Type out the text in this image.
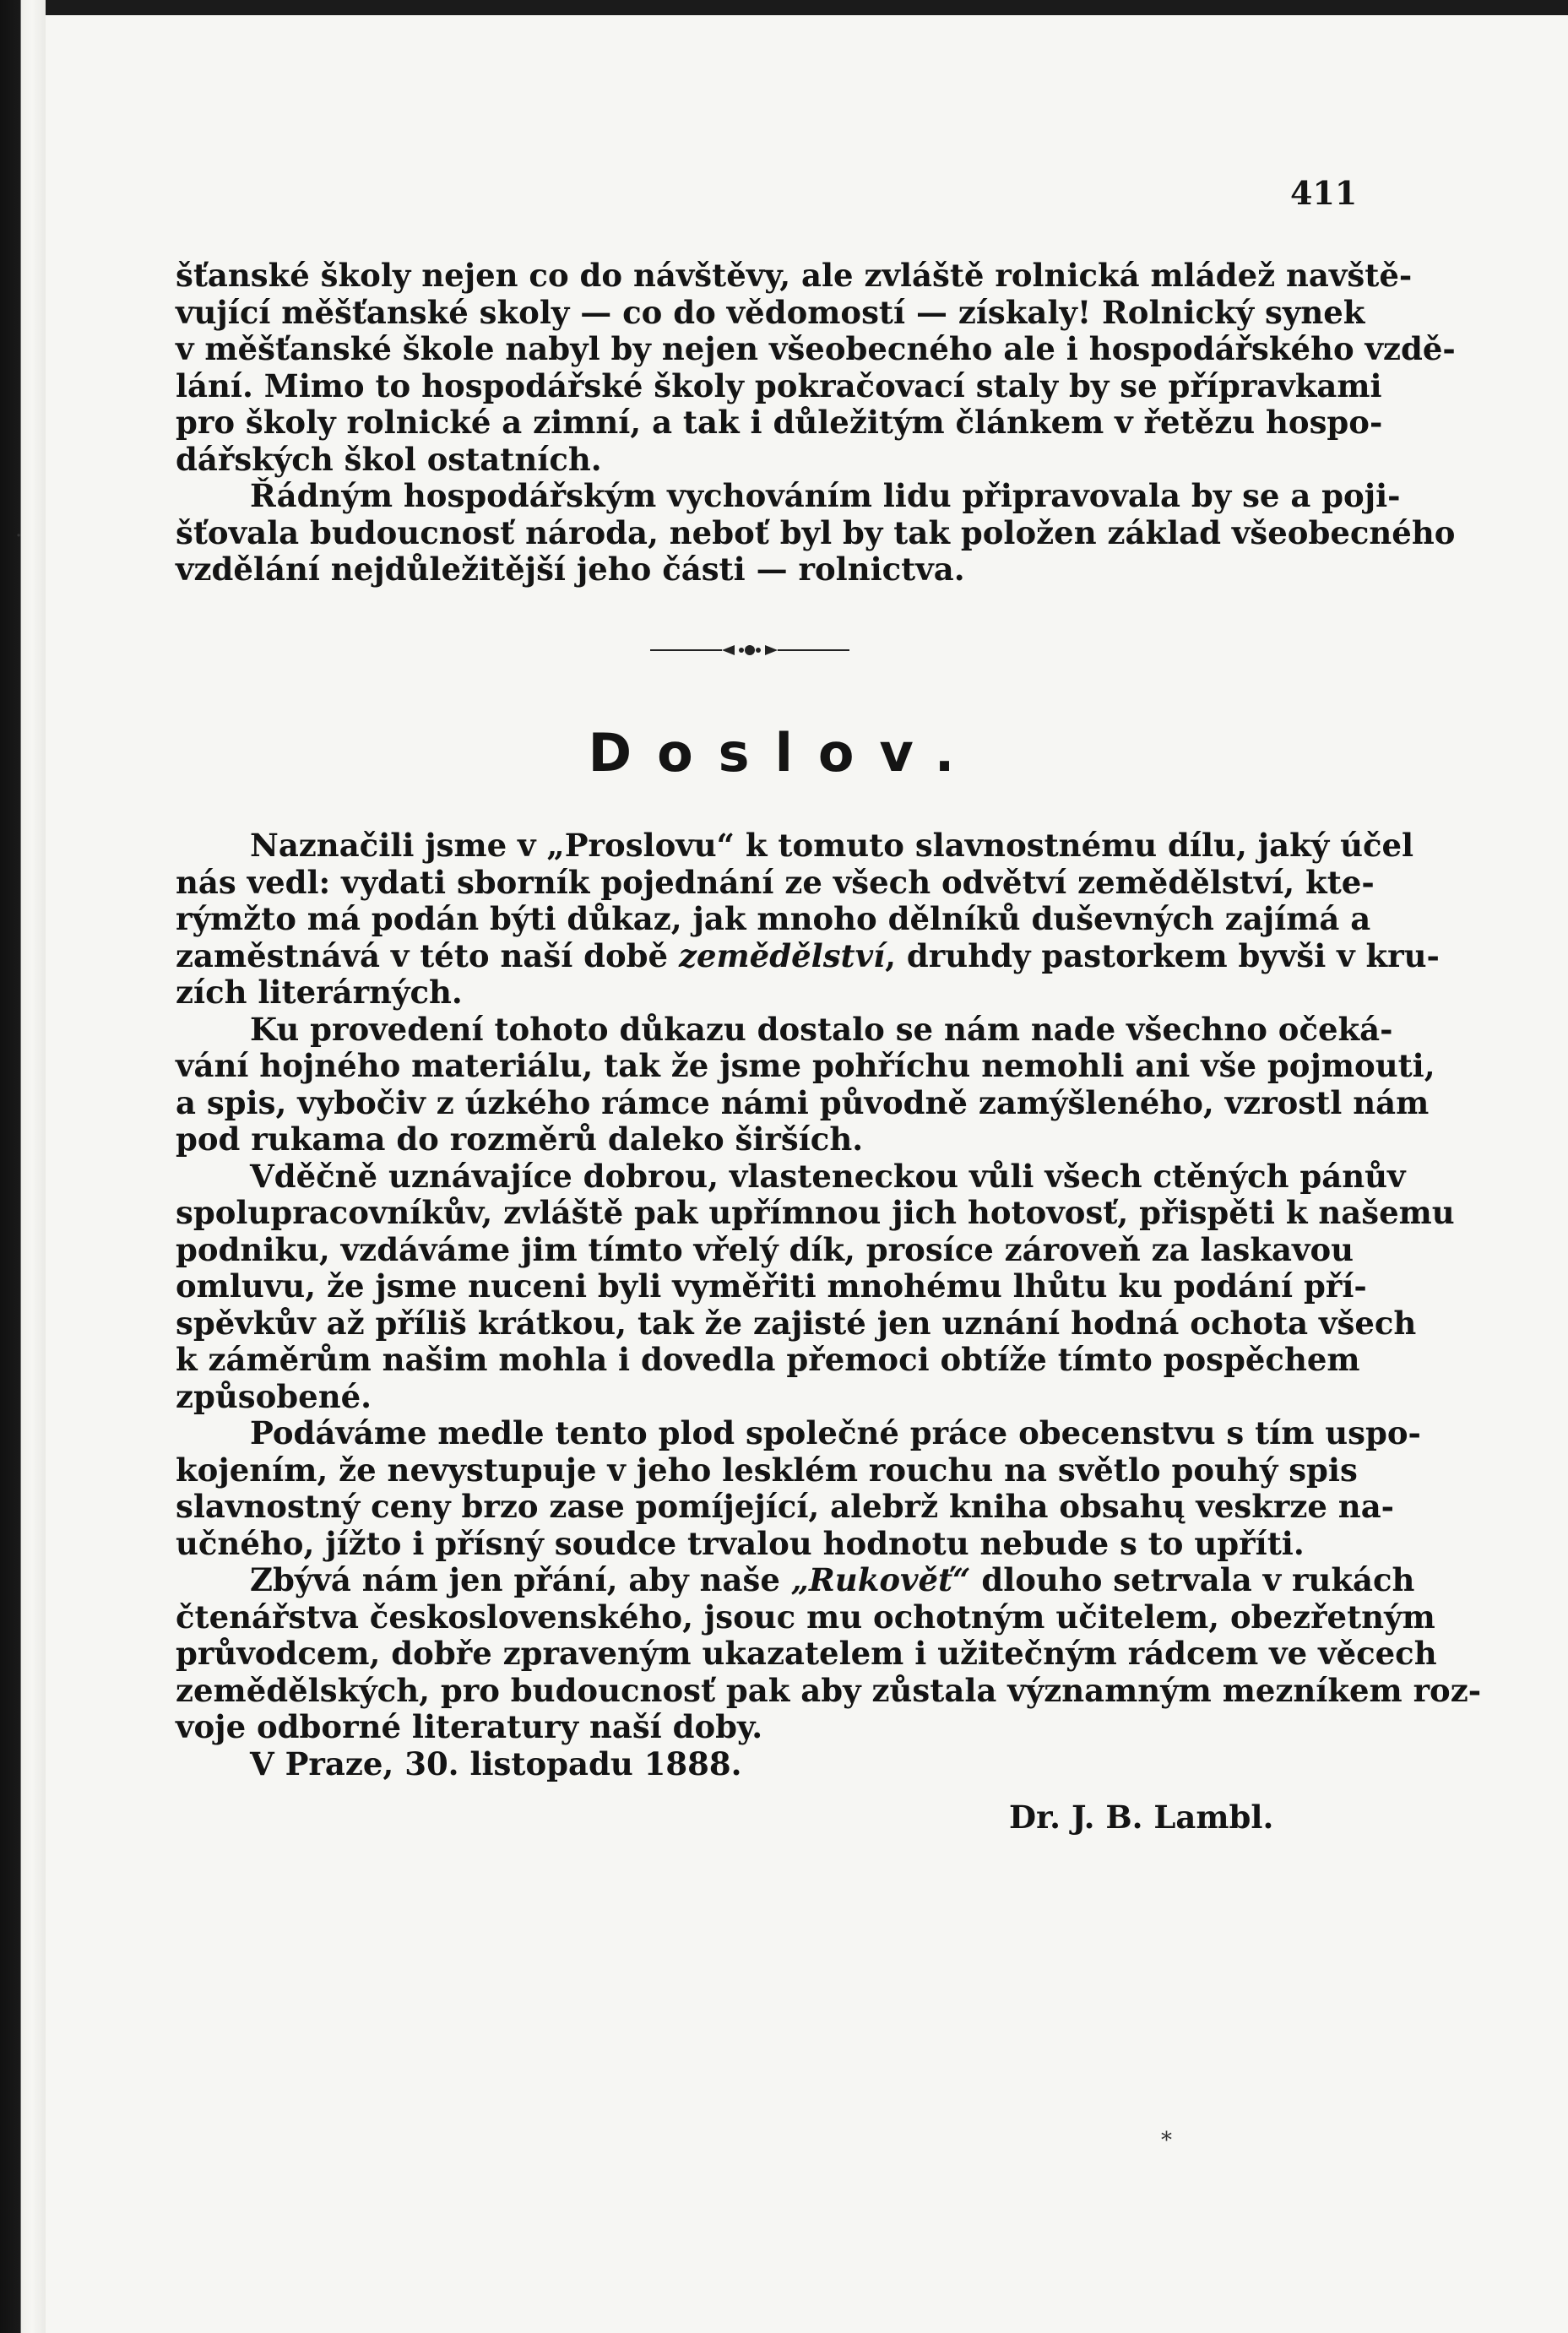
411
šťanské školy nejen co do návštěvy, ale zvláště rolnická mládež navště-
vující měšťanské skoly — co do vědomostí — získaly! Rolnický synek
v měšťanské škole nabyl by nejen všeobecného ale i hospodářského vzdě-
lání. Mimo to hospodářské školy pokračovací staly by se přípravkami
pro školy rolnické a zimní, a tak i důležitým článkem v řetězu hospo-
dářských škol ostatních.
Řádným hospodářským vychováním lidu připravovala by se a poji-
šťovala budoucnosť národa, neboť byl by tak položen základ všeobecného
vzdělání nejdůležitější jeho části — rolnictva.
Doslov.
Naznačili jsme v „Proslovu“ k tomuto slavnostnému dílu, jaký účel
nás vedl: vydati sborník pojednání ze všech odvětví zemědělství, kte-
rýmžto má podán býti důkaz, jak mnoho dělníků duševných zajímá a
zaměstnává v této naší době zemědělství, druhdy pastorkem byvši v kru-
zích literárných.
Ku provedení tohoto důkazu dostalo se nám nade všechno očeká-
vání hojného materiálu, tak že jsme pohříchu nemohli ani vše pojmouti,
a spis, vybočiv z úzkého rámce námi původně zamýšleného, vzrostl nám
pod rukama do rozměrů daleko širších.
Vděčně uznávajíce dobrou, vlasteneckou vůli všech ctěných pánův
spolupracovníkův, zvláště pak upřímnou jich hotovosť, přispěti k našemu
podniku, vzdáváme jim tímto vřelý dík, prosíce zároveň za laskavou
omluvu, že jsme nuceni byli vyměřiti mnohému lhůtu ku podání pří-
spěvkův až příliš krátkou, tak že zajisté jen uznání hodná ochota všech
k záměrům našim mohla i dovedla přemoci obtíže tímto pospěchem
způsobené.
Podáváme medle tento plod společné práce obecenstvu s tím uspo-
kojením, že nevystupuje v jeho lesklém rouchu na světlo pouhý spis
slavnostný ceny brzo zase pomíjející, alebrž kniha obsahų veskrze na-
učného, jížto i přísný soudce trvalou hodnotu nebude s to upříti.
Zbývá nám jen přání, aby naše „Rukověť“ dlouho setrvala v rukách
čtenářstva československého, jsouc mu ochotným učitelem, obezřetným
průvodcem, dobře zpraveným ukazatelem i užitečným rádcem ve věcech
zemědělských, pro budoucnosť pak aby zůstala významným mezníkem roz-
voje odborné literatury naší doby.
V Praze, 30. listopadu 1888.
Dr. J. B. Lambl.
·
*
